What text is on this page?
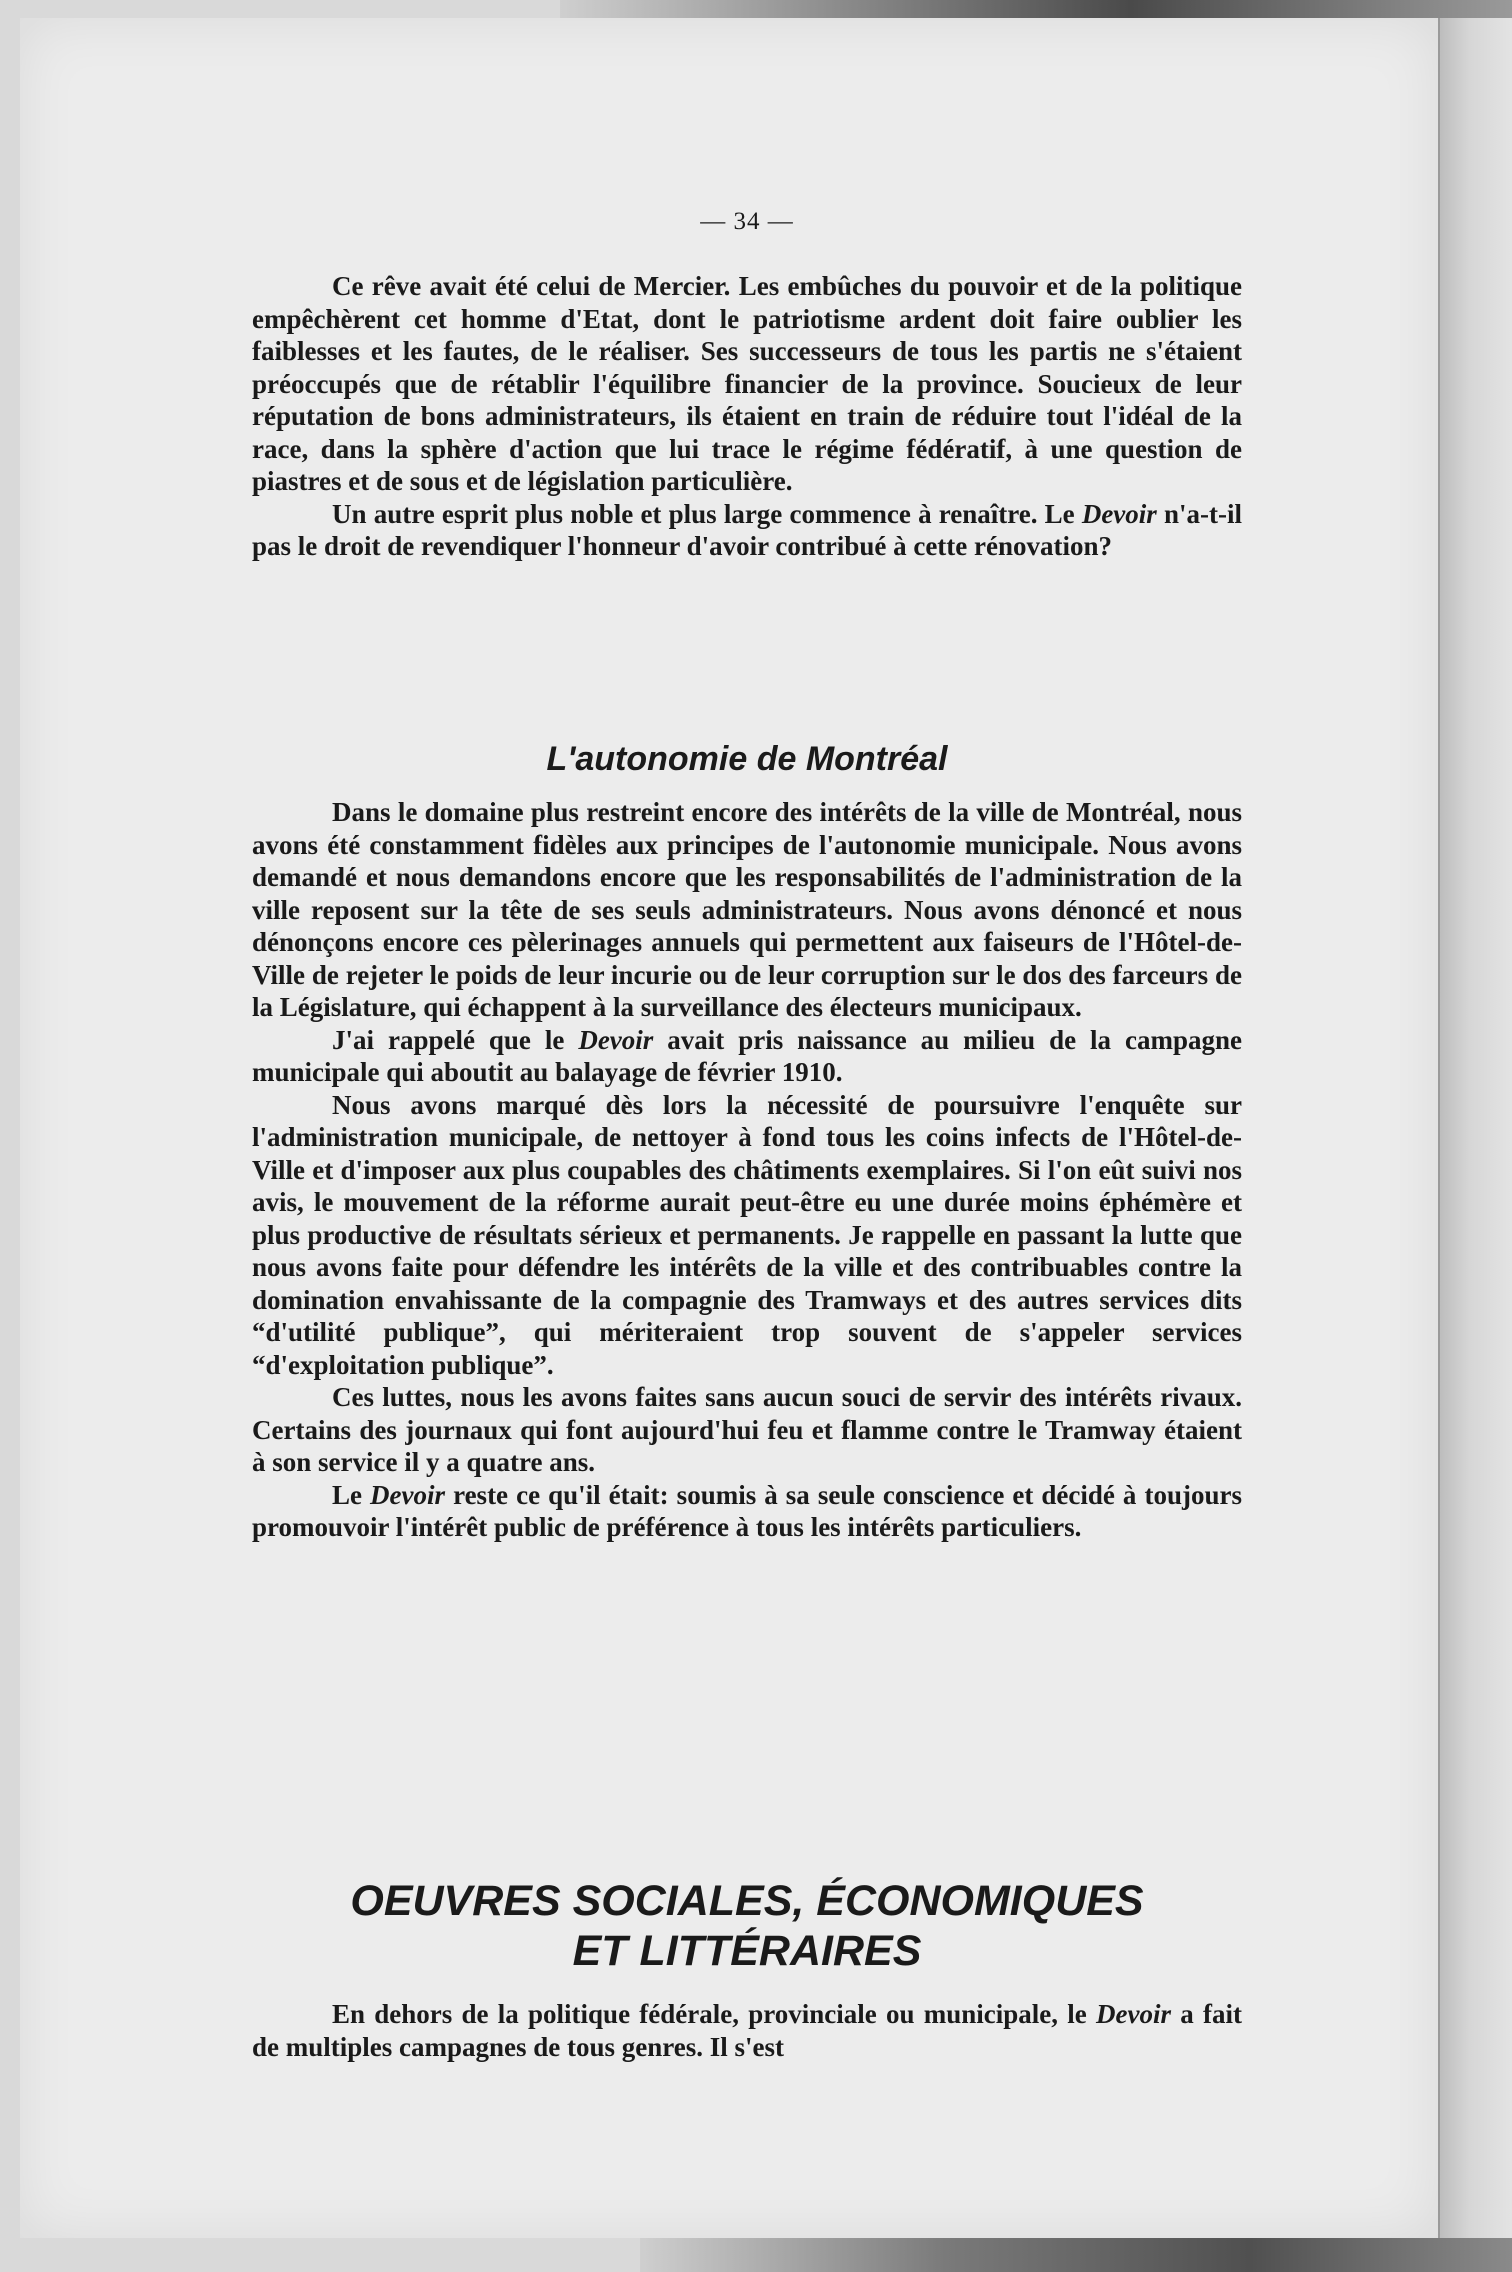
— 34 —

Ce rêve avait été celui de Mercier. Les embûches du pouvoir et de la politique empêchèrent cet homme d'Etat, dont le patriotisme ardent doit faire oublier les faiblesses et les fautes, de le réaliser. Ses successeurs de tous les partis ne s'étaient préoccupés que de rétablir l'équilibre financier de la province. Soucieux de leur réputation de bons administrateurs, ils étaient en train de réduire tout l'idéal de la race, dans la sphère d'action que lui trace le régime fédératif, à une question de piastres et de sous et de législation particulière.

Un autre esprit plus noble et plus large commence à renaître. Le Devoir n'a-t-il pas le droit de revendiquer l'honneur d'avoir contribué à cette rénovation?

L'autonomie de Montréal

Dans le domaine plus restreint encore des intérêts de la ville de Montréal, nous avons été constamment fidèles aux principes de l'autonomie municipale. Nous avons demandé et nous demandons encore que les responsabilités de l'administration de la ville reposent sur la tête de ses seuls administrateurs. Nous avons dénoncé et nous dénonçons encore ces pèlerinages annuels qui permettent aux faiseurs de l'Hôtel-de-Ville de rejeter le poids de leur incurie ou de leur corruption sur le dos des farceurs de la Législature, qui échappent à la surveillance des électeurs municipaux.

J'ai rappelé que le Devoir avait pris naissance au milieu de la campagne municipale qui aboutit au balayage de février 1910.

Nous avons marqué dès lors la nécessité de poursuivre l'enquête sur l'administration municipale, de nettoyer à fond tous les coins infects de l'Hôtel-de-Ville et d'imposer aux plus coupables des châtiments exemplaires. Si l'on eût suivi nos avis, le mouvement de la réforme aurait peut-être eu une durée moins éphémère et plus productive de résultats sérieux et permanents. Je rappelle en passant la lutte que nous avons faite pour défendre les intérêts de la ville et des contribuables contre la domination envahissante de la compagnie des Tramways et des autres services dits “d'utilité publique”, qui mériteraient trop souvent de s'appeler services “d'exploitation publique”.

Ces luttes, nous les avons faites sans aucun souci de servir des intérêts rivaux. Certains des journaux qui font aujourd'hui feu et flamme contre le Tramway étaient à son service il y a quatre ans.

Le Devoir reste ce qu'il était: soumis à sa seule conscience et décidé à toujours promouvoir l'intérêt public de préférence à tous les intérêts particuliers.

OEUVRES SOCIALES, ÉCONOMIQUES
ET LITTÉRAIRES

En dehors de la politique fédérale, provinciale ou municipale, le Devoir a fait de multiples campagnes de tous genres. Il s'est
